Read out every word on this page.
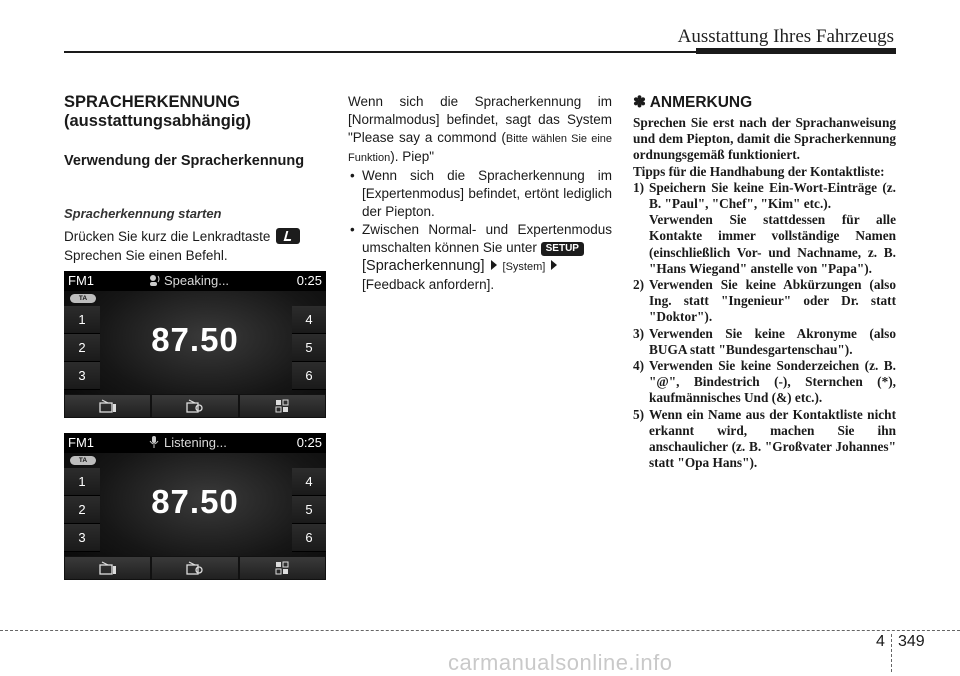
Ausstattung Ihres Fahrzeugs
SPRACHERKENNUNG (ausstattungsabhängig)
Verwendung der Spracherkennung
Spracherkennung starten

Drücken Sie kurz die Lenkradtaste
Sprechen Sie einen Befehl.

FM1	Speaking...	0:25
TA
1
2
3
4
5
6
87.50
FM1	Listening...	0:25
TA
1
2
3
4
5
6
87.50

Wenn sich die Spracherkennung im [Normalmodus] befindet, sagt das System "Please say a commond (Bitte wählen Sie eine Funktion). Piep"

• Wenn sich die Spracherkennung im [Expertenmodus] befindet, ertönt lediglich der Piepton.

• Zwischen Normal- und Expertenmodus umschalten können Sie unter SETUP
[Spracherkennung] [System]
[Feedback anfordern].

✽ ANMERKUNG

Sprechen Sie erst nach der Sprachanweisung und dem Piepton, damit die Spracherkennung ordnungsgemäß funktioniert.

Tipps für die Handhabung der Kontaktliste:

1) Speichern Sie keine Ein-Wort-Einträge (z. B. "Paul", "Chef", "Kim" etc.).

Verwenden Sie stattdessen für alle Kontakte immer vollständige Namen (einschließlich Vor- und Nachname, z. B. "Hans Wiegand" anstelle von "Papa").

2) Verwenden Sie keine Abkürzungen (also Ing. statt "Ingenieur" oder Dr. statt "Doktor").
3) Verwenden Sie keine Akronyme (also BUGA statt "Bundesgartenschau").
4) Verwenden Sie keine Sonderzeichen (z. B. "@", Bindestrich (-), Sternchen (*), kaufmännisches Und (&) etc.).
5) Wenn ein Name aus der Kontaktliste nicht erkannt wird, machen Sie ihn anschaulicher (z. B. "Großvater Johannes" statt "Opa Hans").
4 349
carmanualsonline.info
